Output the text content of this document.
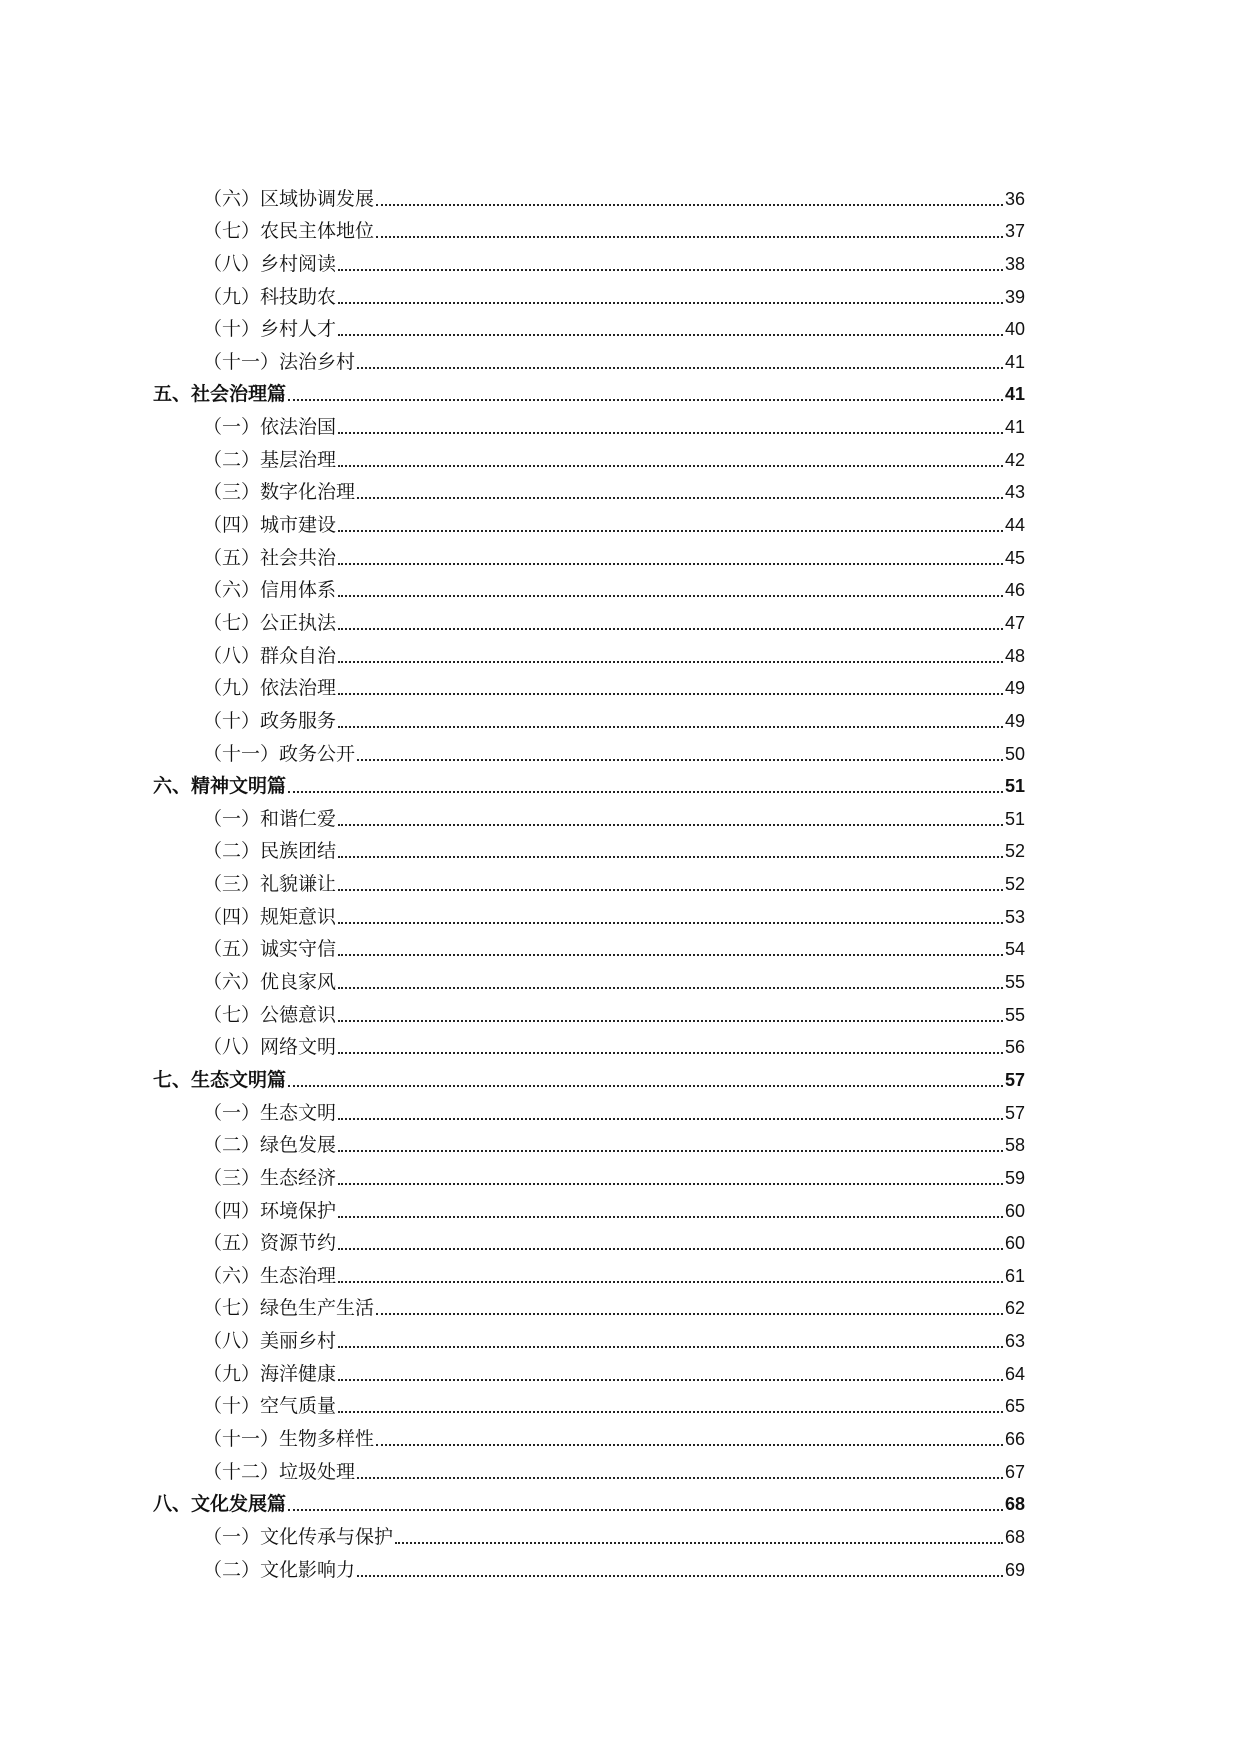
（六）区域协调发展	36
（七）农民主体地位	37
（八）乡村阅读	38
（九）科技助农	39
（十）乡村人才	40
（十一）法治乡村	41
五、社会治理篇	41
（一）依法治国	41
（二）基层治理	42
（三）数字化治理	43
（四）城市建设	44
（五）社会共治	45
（六）信用体系	46
（七）公正执法	47
（八）群众自治	48
（九）依法治理	49
（十）政务服务	49
（十一）政务公开	50
六、精神文明篇	51
（一）和谐仁爱	51
（二）民族团结	52
（三）礼貌谦让	52
（四）规矩意识	53
（五）诚实守信	54
（六）优良家风	55
（七）公德意识	55
（八）网络文明	56
七、生态文明篇	57
（一）生态文明	57
（二）绿色发展	58
（三）生态经济	59
（四）环境保护	60
（五）资源节约	60
（六）生态治理	61
（七）绿色生产生活	62
（八）美丽乡村	63
（九）海洋健康	64
（十）空气质量	65
（十一）生物多样性	66
（十二）垃圾处理	67
八、文化发展篇	68
（一）文化传承与保护	68
（二）文化影响力	69
